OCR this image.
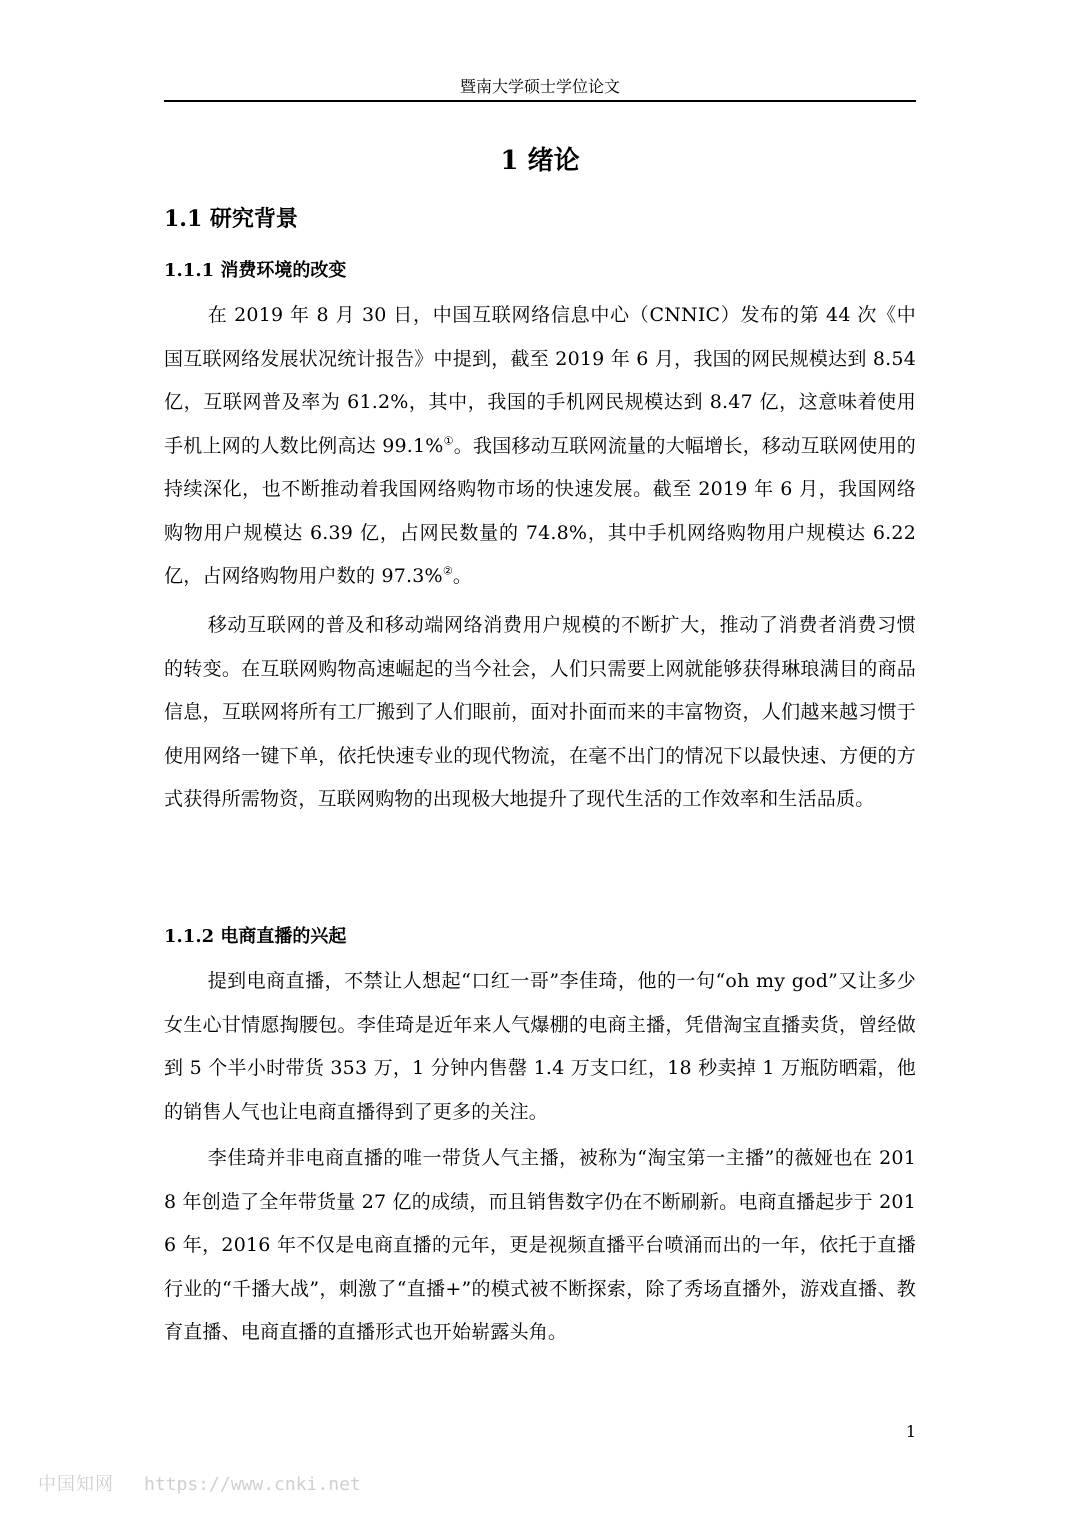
暨南大学硕士学位论文
1 绪论
1.1 研究背景
1.1.1 消费环境的改变

在 2019 年 8 月 30 日，中国互联网络信息中心（CNNIC）发布的第 44 次《中国互联网络发展状况统计报告》中提到，截至 2019 年 6 月，我国的网民规模达到 8.54 亿，互联网普及率为 61.2%，其中，我国的手机网民规模达到 8.47 亿，这意味着使用手机上网的人数比例高达 99.1%①。我国移动互联网流量的大幅增长，移动互联网使用的持续深化，也不断推动着我国网络购物市场的快速发展。截至 2019 年 6 月，我国网络购物用户规模达 6.39 亿，占网民数量的 74.8%，其中手机网络购物用户规模达 6.22 亿，占网络购物用户数的 97.3%②。

移动互联网的普及和移动端网络消费用户规模的不断扩大，推动了消费者消费习惯的转变。在互联网购物高速崛起的当今社会，人们只需要上网就能够获得琳琅满目的商品信息，互联网将所有工厂搬到了人们眼前，面对扑面而来的丰富物资，人们越来越习惯于使用网络一键下单，依托快速专业的现代物流，在毫不出门的情况下以最快速、方便的方式获得所需物资，互联网购物的出现极大地提升了现代生活的工作效率和生活品质。

1.1.2 电商直播的兴起

提到电商直播，不禁让人想起“口红一哥”李佳琦，他的一句“oh my god”又让多少女生心甘情愿掏腰包。李佳琦是近年来人气爆棚的电商主播，凭借淘宝直播卖货，曾经做到 5 个半小时带货 353 万，1 分钟内售罄 1.4 万支口红，18 秒卖掉 1 万瓶防晒霜，他的销售人气也让电商直播得到了更多的关注。

李佳琦并非电商直播的唯一带货人气主播，被称为“淘宝第一主播”的薇娅也在 2018 年创造了全年带货量 27 亿的成绩，而且销售数字仍在不断刷新。电商直播起步于 2016 年，2016 年不仅是电商直播的元年，更是视频直播平台喷涌而出的一年，依托于直播行业的“千播大战”，刺激了“直播+”的模式被不断探索，除了秀场直播外，游戏直播、教育直播、电商直播的直播形式也开始崭露头角。

1
中国知网 https://www.cnki.net
